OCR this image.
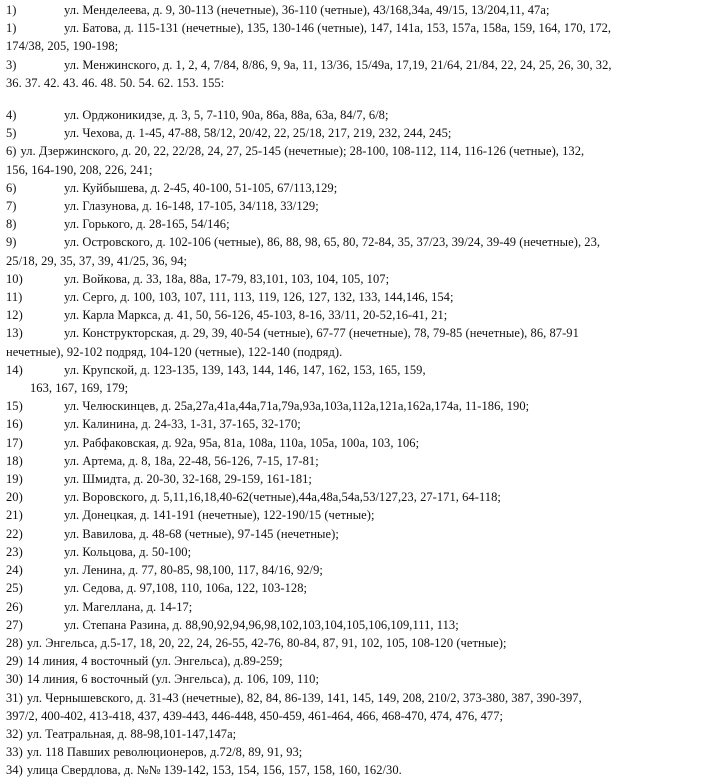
1)	ул. Менделеева, д. 9, 30-113 (нечетные), 36-110 (четные), 43/168,34а, 49/15, 13/204,11, 47а;
1)	ул. Батова, д. 115-131 (нечетные), 135, 130-146 (четные), 147, 141а, 153, 157а, 158а, 159, 164, 170, 172,
174/38, 205, 190-198;
3)	ул. Менжинского, д. 1, 2, 4, 7/84, 8/86, 9, 9а, 11, 13/36, 15/49а, 17,19, 21/64, 21/84, 22, 24, 25, 26, 30, 32,
36. 37. 42. 43. 46. 48. 50. 54. 62. 153. 155:
4)	ул. Орджоникидзе, д. 3, 5, 7-110, 90а, 86а, 88а, 63а, 84/7, 6/8;
5)	ул. Чехова, д. 1-45, 47-88, 58/12, 20/42, 22, 25/18, 217, 219, 232, 244, 245;
6) ул. Дзержинского, д. 20, 22, 22/28, 24, 27, 25-145 (нечетные); 28-100, 108-112, 114, 116-126 (четные), 132,
156, 164-190, 208, 226, 241;
6)	ул. Куйбышева, д. 2-45, 40-100, 51-105, 67/113,129;
7)	ул. Глазунова, д. 16-148, 17-105, 34/118, 33/129;
8)	ул. Горького, д. 28-165, 54/146;
9)	ул. Островского, д. 102-106 (четные), 86, 88, 98, 65, 80, 72-84, 35, 37/23, 39/24, 39-49 (нечетные), 23,
25/18, 29, 35, 37, 39, 41/25, 36, 94;
10)	ул. Войкова, д. 33, 18а, 88а, 17-79, 83,101, 103, 104, 105, 107;
11)	ул. Серго, д. 100, 103, 107, 111, 113, 119, 126, 127, 132, 133, 144,146, 154;
12)	ул. Карла Маркса, д. 41, 50, 56-126, 45-103, 8-16, 33/11, 20-52,16-41, 21;
13)	ул. Конструкторская, д. 29, 39, 40-54 (четные), 67-77 (нечетные), 78, 79-85 (нечетные), 86, 87-91
нечетные), 92-102 подряд, 104-120 (четные), 122-140 (подряд).
14)	ул. Крупской, д. 123-135, 139, 143, 144, 146, 147, 162, 153, 165, 159,
163, 167, 169, 179;
15)	ул. Челюскинцев, д. 25а,27а,41а,44а,71а,79а,93а,103а,112а,121а,162а,174а, 11-186, 190;
16)	ул. Калинина, д. 24-33, 1-31, 37-165, 32-170;
17)	ул. Рабфаковская, д. 92а, 95а, 81а, 108а, 110а, 105а, 100а, 103, 106;
18)	ул. Артема, д. 8, 18а, 22-48, 56-126, 7-15, 17-81;
19)	ул. Шмидта, д. 20-30, 32-168, 29-159, 161-181;
20)	ул. Воровского, д. 5,11,16,18,40-62(четные),44а,48а,54а,53/127,23, 27-171, 64-118;
21)	ул. Донецкая, д. 141-191 (нечетные), 122-190/15 (четные);
22)	ул. Вавилова, д. 48-68 (четные), 97-145 (нечетные);
23)	ул. Кольцова, д. 50-100;
24)	ул. Ленина, д. 77, 80-85, 98,100, 117, 84/16, 92/9;
25)	ул. Седова, д. 97,108, 110, 106а, 122, 103-128;
26)	ул. Магеллана, д. 14-17;
27)	ул. Степана Разина, д. 88,90,92,94,96,98,102,103,104,105,106,109,111, 113;
28) ул. Энгельса, д.5-17, 18, 20, 22, 24, 26-55, 42-76, 80-84, 87, 91, 102, 105, 108-120 (четные);
29) 14 линия, 4 восточный (ул. Энгельса), д.89-259;
30) 14 линия, 6 восточный (ул. Энгельса), д. 106, 109, 110;
31) ул. Чернышевского, д. 31-43 (нечетные), 82, 84, 86-139, 141, 145, 149, 208, 210/2, 373-380, 387, 390-397,
397/2, 400-402, 413-418, 437, 439-443, 446-448, 450-459, 461-464, 466, 468-470, 474, 476, 477;
32) ул. Театральная, д. 88-98,101-147,147а;
33) ул. 118 Павших революционеров, д.72/8, 89, 91, 93;
34) улица Свердлова, д. №№ 139-142, 153, 154, 156, 157, 158, 160, 162/30.
